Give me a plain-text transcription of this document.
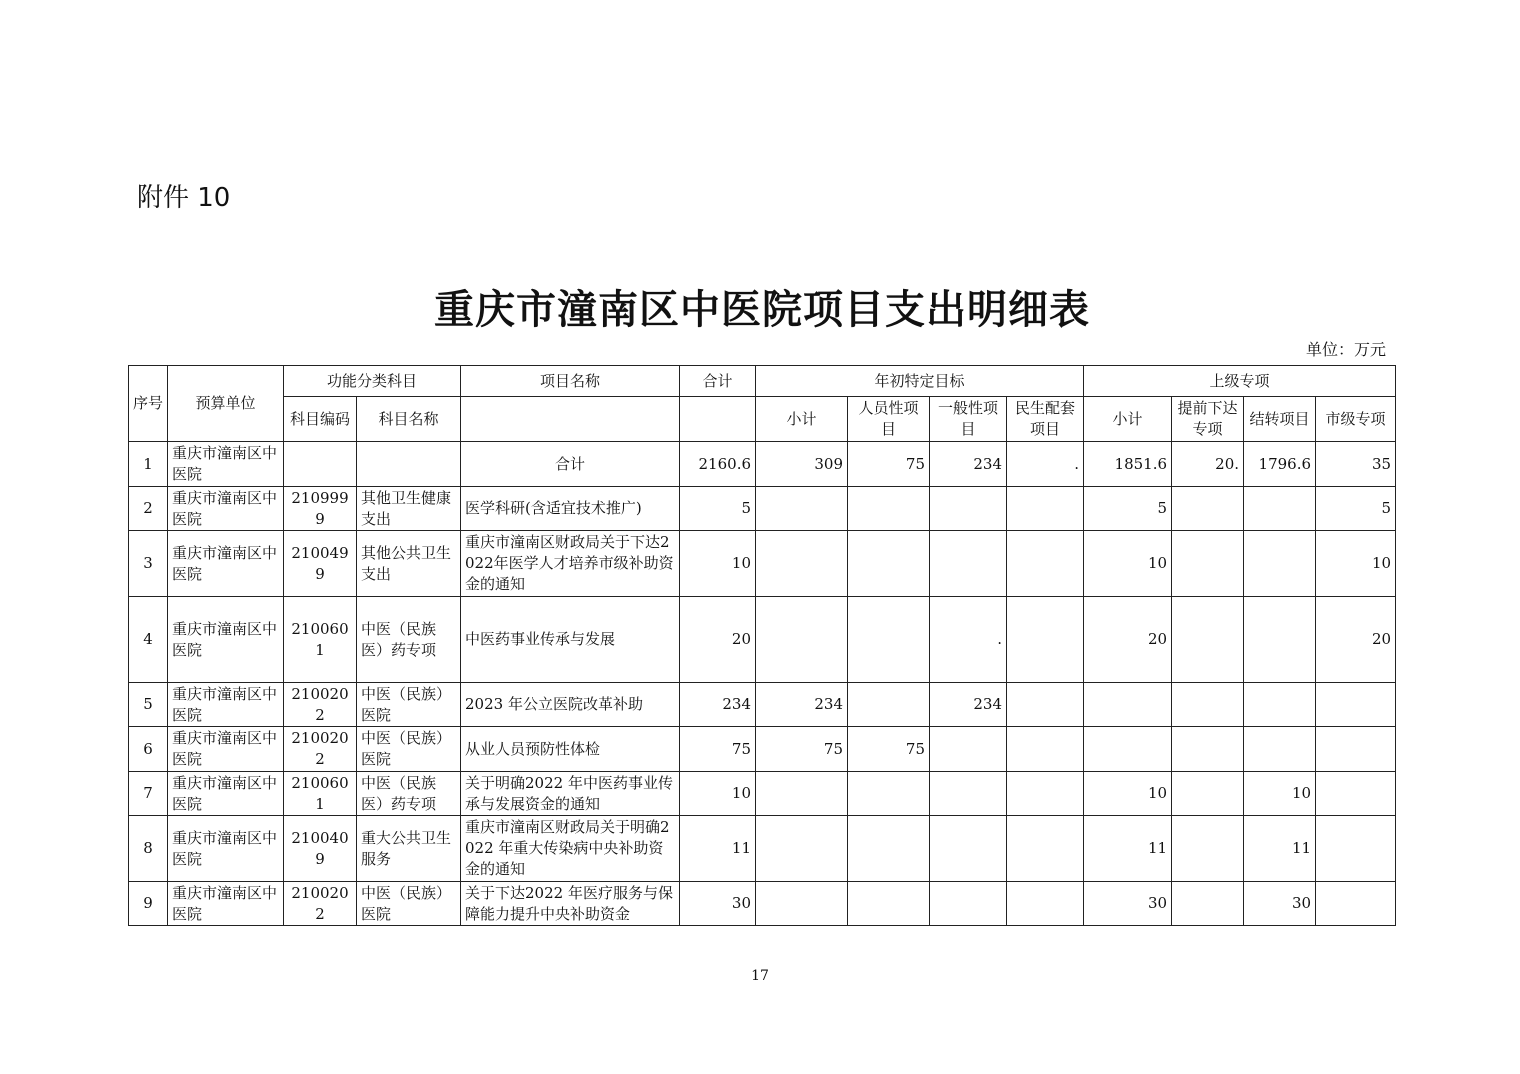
附件 10
重庆市潼南区中医院项目支出明细表
单位：万元
序号	预算单位	功能分类科目		项目名称	合计	年初特定目标				上级专项			
		科目编码	科目名称			小计	人员性项目	一般性项目	民生配套项目	小计	提前下达专项	结转项目	市级专项
1	重庆市潼南区中医院			合计	2160.6	309	75	234	.	1851.6	20.	1796.6	35
2	重庆市潼南区中医院	2109999	其他卫生健康支出	医学科研(含适宜技术推广)	5					5			5
3	重庆市潼南区中医院	2100499	其他公共卫生支出	重庆市潼南区财政局关于下达2022年医学人才培养市级补助资金的通知	10					10			10
4	重庆市潼南区中医院	2100601	中医（民族医）药专项	中医药事业传承与发展	20			.		20			20
5	重庆市潼南区中医院	2100202	中医（民族）医院	2023 年公立医院改革补助	234	234		234					
6	重庆市潼南区中医院	2100202	中医（民族）医院	从业人员预防性体检	75	75	75						
7	重庆市潼南区中医院	2100601	中医（民族医）药专项	关于明确2022 年中医药事业传承与发展资金的通知	10					10		10	
8	重庆市潼南区中医院	2100409	重大公共卫生服务	重庆市潼南区财政局关于明确2022 年重大传染病中央补助资金的通知	11					11		11	
9	重庆市潼南区中医院	2100202	中医（民族）医院	关于下达2022 年医疗服务与保障能力提升中央补助资金	30					30		30	
17
